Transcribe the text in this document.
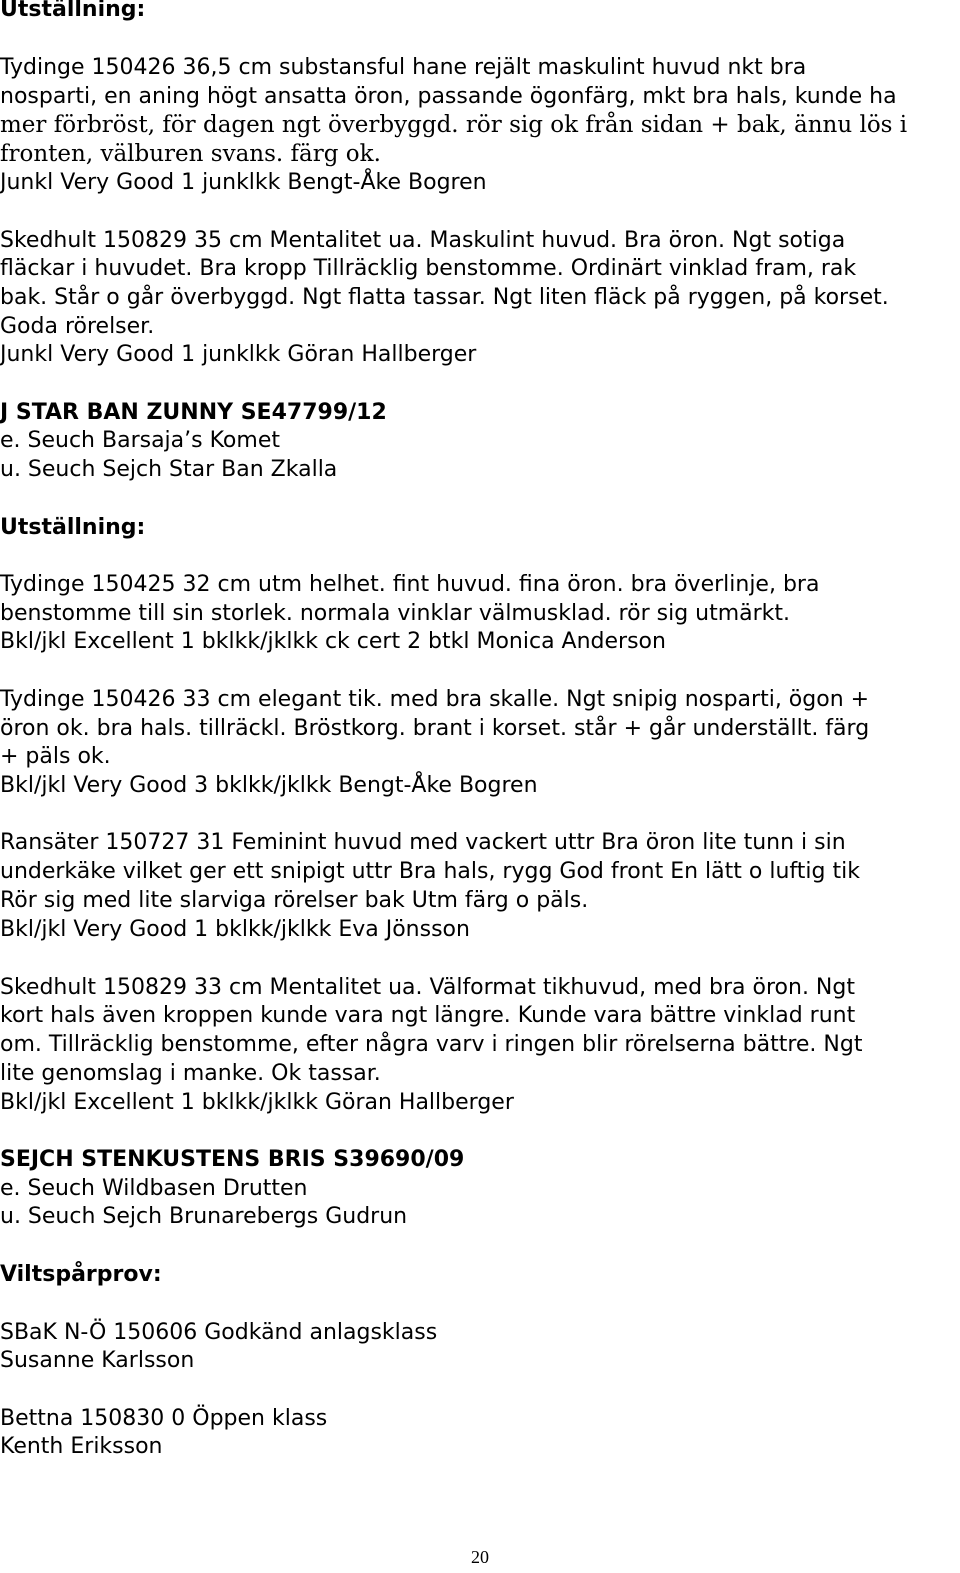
Utställning:
Tydinge 150426 36,5 cm substansful hane rejält maskulint huvud nkt bra
nosparti, en aning högt ansatta öron, passande ögonfärg, mkt bra hals, kunde ha
mer förbröst, för dagen ngt överbyggd. rör sig ok från sidan + bak, ännu lös i
fronten, välburen svans. färg ok.
Junkl Very Good 1 junklkk Bengt-Åke Bogren
Skedhult 150829 35 cm Mentalitet ua. Maskulint huvud. Bra öron. Ngt sotiga
fläckar i huvudet. Bra kropp Tillräcklig benstomme. Ordinärt vinklad fram, rak
bak. Står o går överbyggd. Ngt flatta tassar. Ngt liten fläck på ryggen, på korset.
Goda rörelser.
Junkl Very Good 1 junklkk Göran Hallberger
J STAR BAN ZUNNY SE47799/12
e. Seuch Barsaja’s Komet
u. Seuch Sejch Star Ban Zkalla
Utställning:
Tydinge 150425 32 cm utm helhet. fint huvud. fina öron. bra överlinje, bra
benstomme till sin storlek. normala vinklar välmusklad. rör sig utmärkt.
Bkl/jkl Excellent 1 bklkk/jklkk ck cert 2 btkl Monica Anderson
Tydinge 150426 33 cm elegant tik. med bra skalle. Ngt snipig nosparti, ögon +
öron ok. bra hals. tillräckl. Bröstkorg. brant i korset. står + går underställt. färg
+ päls ok.
Bkl/jkl Very Good 3 bklkk/jklkk Bengt-Åke Bogren
Ransäter 150727 31 Feminint huvud med vackert uttr Bra öron lite tunn i sin
underkäke vilket ger ett snipigt uttr Bra hals, rygg God front En lätt o luftig tik
Rör sig med lite slarviga rörelser bak Utm färg o päls.
Bkl/jkl Very Good 1 bklkk/jklkk Eva Jönsson
Skedhult 150829 33 cm Mentalitet ua. Välformat tikhuvud, med bra öron. Ngt
kort hals även kroppen kunde vara ngt längre. Kunde vara bättre vinklad runt
om. Tillräcklig benstomme, efter några varv i ringen blir rörelserna bättre. Ngt
lite genomslag i manke. Ok tassar.
Bkl/jkl Excellent 1 bklkk/jklkk Göran Hallberger
SEJCH STENKUSTENS BRIS S39690/09
e. Seuch Wildbasen Drutten
u. Seuch Sejch Brunarebergs Gudrun
Viltspårprov:
SBaK N-Ö 150606 Godkänd anlagsklass
Susanne Karlsson
Bettna 150830 0 Öppen klass
Kenth Eriksson
20
